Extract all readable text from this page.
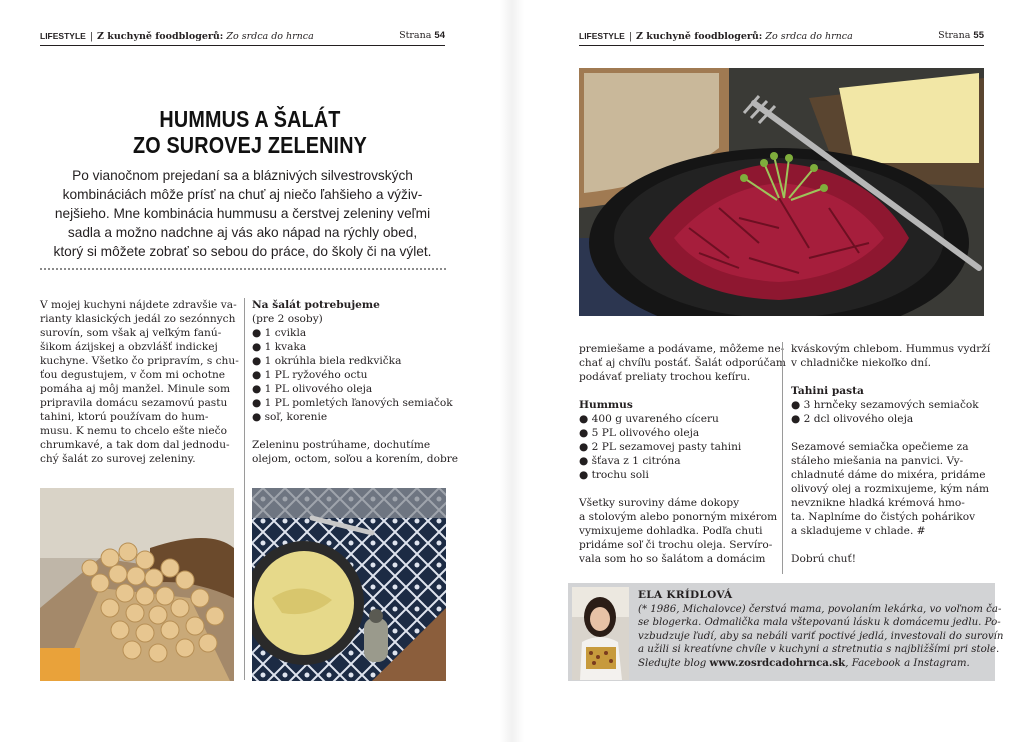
LIFESTYLE | Z kuchyně foodblogerů: Zo srdca do hrnca	Strana 54
HUMMUS A ŠALÁT
ZO SUROVEJ ZELENINY
Po vianočnom prejedaní sa a bláznivých silvestrovských
kombináciách môže prísť na chuť aj niečo ľahšieho a výživ-
nejšieho. Mne kombinácia hummusu a čerstvej zeleniny veľmi
sadla a možno nadchne aj vás ako nápad na rýchly obed,
ktorý si môžete zobrať so sebou do práce, do školy či na výlet.
V mojej kuchyni nájdete zdravšie va-
rianty klasických jedál zo sezónnych
surovín, som však aj veľkým fanú-
šikom ázijskej a obzvlášť indickej
kuchyne. Všetko čo pripravím, s chu-
ťou degustujem, v čom mi ochotne
pomáha aj môj manžel. Minule som
pripravila domácu sezamovú pastu
tahini, ktorú používam do hum-
musu. K nemu to chcelo ešte niečo
chrumkavé, a tak dom dal jednodu-
chý šalát zo surovej zeleniny.
Na šalát potrebujeme
(pre 2 osoby)
● 1 cvikla
● 1 kvaka
● 1 okrúhla biela redkvička
● 1 PL ryžového octu
● 1 PL olivového oleja
● 1 PL pomletých ľanových semiačok
● soľ, korenie
Zeleninu postrúhame, dochutíme
olejom, octom, soľou a korením, dobre
LIFESTYLE | Z kuchyně foodblogerů: Zo srdca do hrnca	Strana 55
premiešame a podávame, môžeme ne-
chať aj chvíľu postáť. Šalát odporúčam
podávať preliaty trochou kefíru.
Hummus
● 400 g uvareného cíceru
● 5 PL olivového oleja
● 2 PL sezamovej pasty tahini
● šťava z 1 citróna
● trochu soli
Všetky suroviny dáme dokopy
a stolovým alebo ponorným mixérom
vymixujeme dohladka. Podľa chuti
pridáme soľ či trochu oleja. Servíro-
vala som ho so šalátom a domácim
kváskovým chlebom. Hummus vydrží
v chladničke niekoľko dní.
Tahini pasta
● 3 hrnčeky sezamových semiačok
● 2 dcl olivového oleja
Sezamové semiačka opečieme za
stáleho miešania na panvici. Vy-
chladnuté dáme do mixéra, pridáme
olivový olej a rozmixujeme, kým nám
nevznikne hladká krémová hmo-
ta. Naplníme do čistých pohárikov
a skladujeme v chlade. #
Dobrú chuť!
ELA KRÍDLOVÁ
(* 1986, Michalovce) čerstvá mama, povolaním lekárka, vo voľnom ča-
se blogerka. Odmalička mala vštepovanú lásku k domácemu jedlu. Po-
vzbudzuje ľudí, aby sa nebáli variť poctivé jedlá, investovali do surovín
a užili si kreatívne chvíle v kuchyni a stretnutia s najbližšími pri stole.
Sledujte blog www.zosrdcadohrnca.sk, Facebook a Instagram.
